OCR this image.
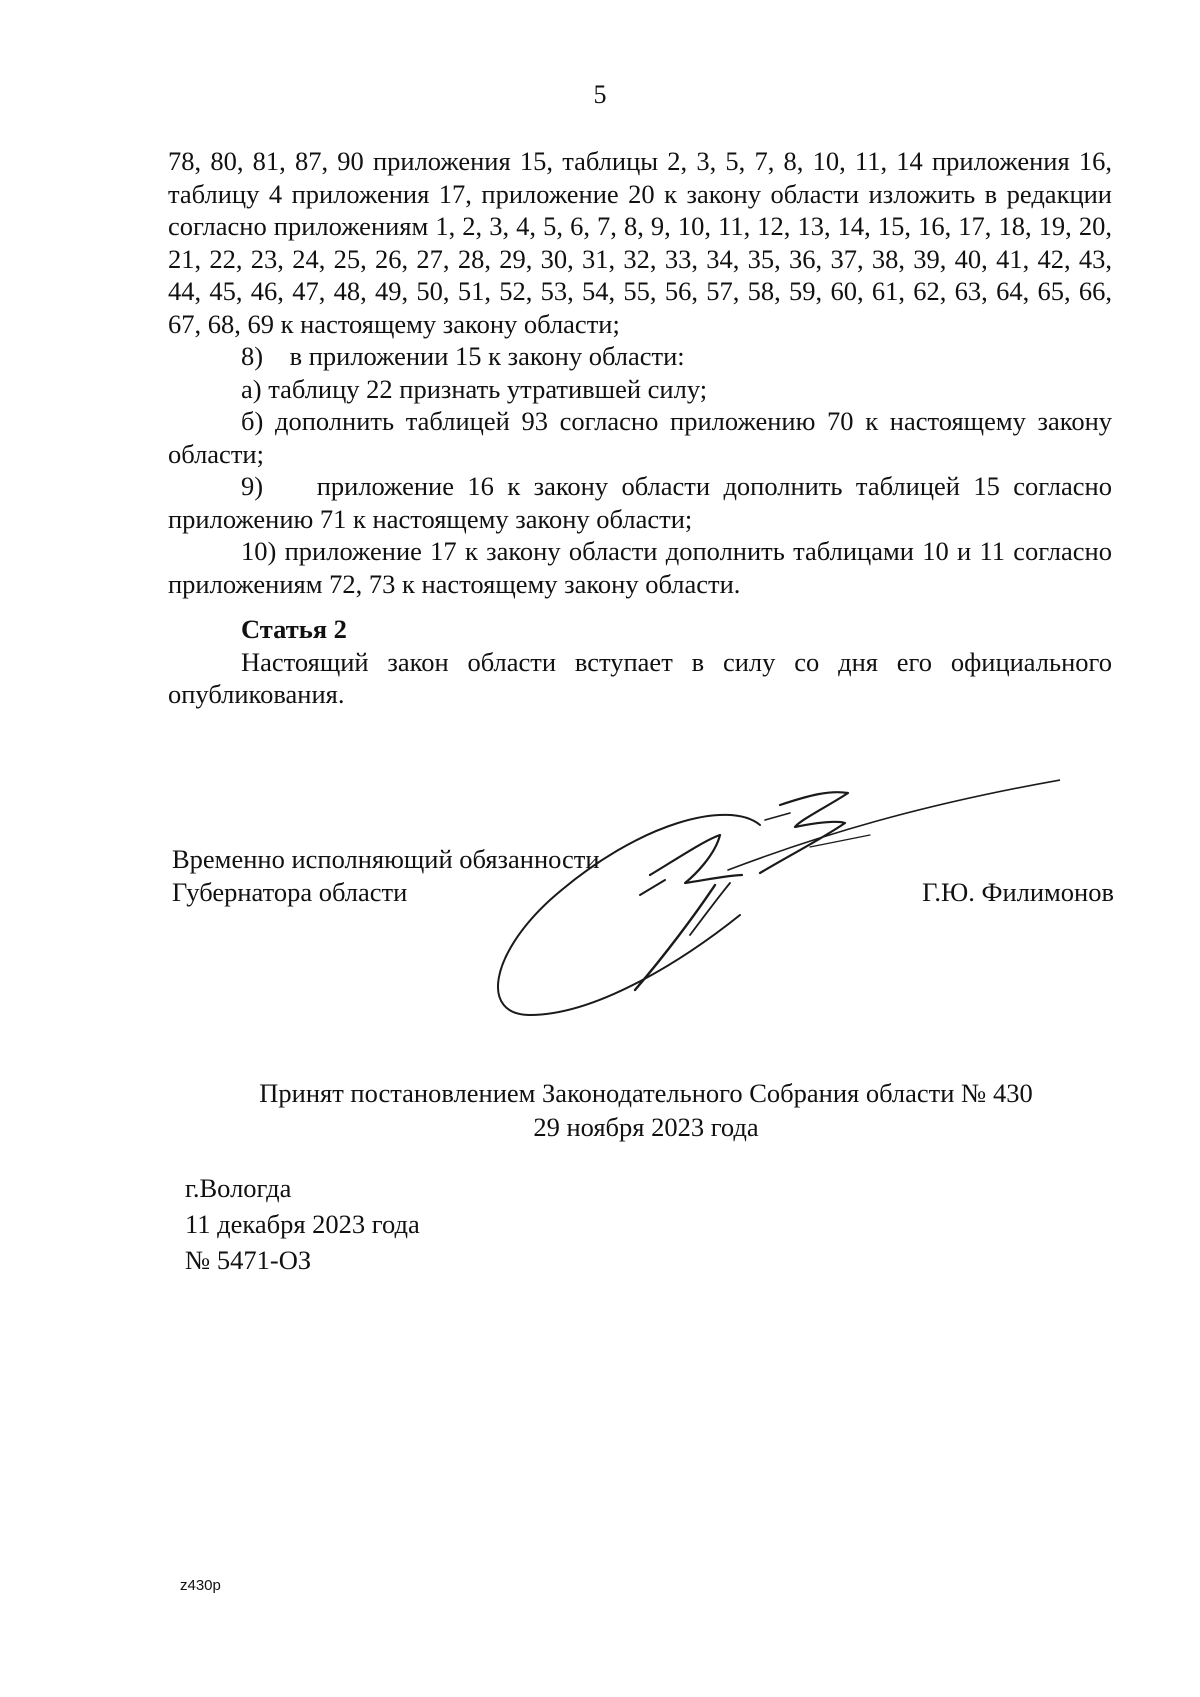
5

78, 80, 81, 87, 90 приложения 15, таблицы 2, 3, 5, 7, 8, 10, 11, 14 приложения 16, таблицу 4 приложения 17, приложение 20 к закону области изложить в редакции согласно приложениям 1, 2, 3, 4, 5, 6, 7, 8, 9, 10, 11, 12, 13, 14, 15, 16, 17, 18, 19, 20, 21, 22, 23, 24, 25, 26, 27, 28, 29, 30, 31, 32, 33, 34, 35, 36, 37, 38, 39, 40, 41, 42, 43, 44, 45, 46, 47, 48, 49, 50, 51, 52, 53, 54, 55, 56, 57, 58, 59, 60, 61, 62, 63, 64, 65, 66, 67, 68, 69 к настоящему закону области;

8)    в приложении 15 к закону области:

а) таблицу 22 признать утратившей силу;

б) дополнить таблицей 93 согласно приложению 70 к настоящему закону области;

9)    приложение 16 к закону области дополнить таблицей 15 согласно приложению 71 к настоящему закону области;

10) приложение 17 к закону области дополнить таблицами 10 и 11 согласно приложениям 72, 73 к настоящему закону области.

Статья 2

Настоящий закон области вступает в силу со дня его официального опубликования.

Временно исполняющий обязанности
Губернатора области	Г.Ю. Филимонов
Принят постановлением Законодательного Собрания области № 430
29 ноября 2023 года
г.Вологда
11 декабря 2023 года
№ 5471-ОЗ
z430p
